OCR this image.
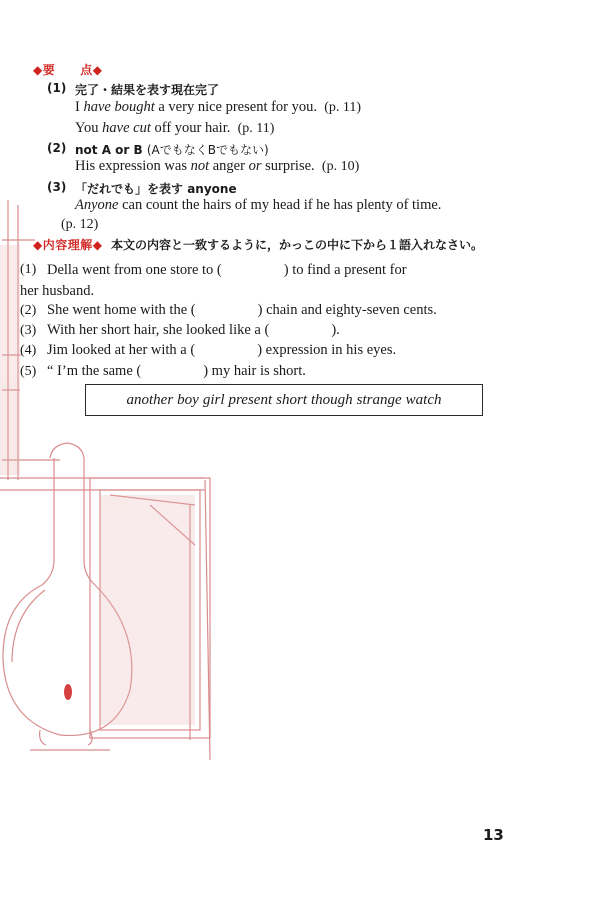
◆要　　点◆
(1) 完了・結果を表す現在完了
I have bought a very nice present for you. (p. 11)
You have cut off your hair. (p. 11)
(2) not A or B (AでもなくBでもない)
His expression was not anger or surprise. (p. 10)
(3) 「だれでも」を表す anyone
Anyone can count the hairs of my head if he has plenty of time.
(p. 12)
◆内容理解◆ 本文の内容と一致するように，かっこの中に下から１語入れなさい。
(1) Della went from one store to (	) to find a present for
her husband.
(2) She went home with the (	) chain and eighty-seven cents.
(3) With her short hair, she looked like a (	).
(4) Jim looked at her with a (	) expression in his eyes.
(5) “ I’m the same (	) my hair is short.
another boy girl present short though strange watch
13
